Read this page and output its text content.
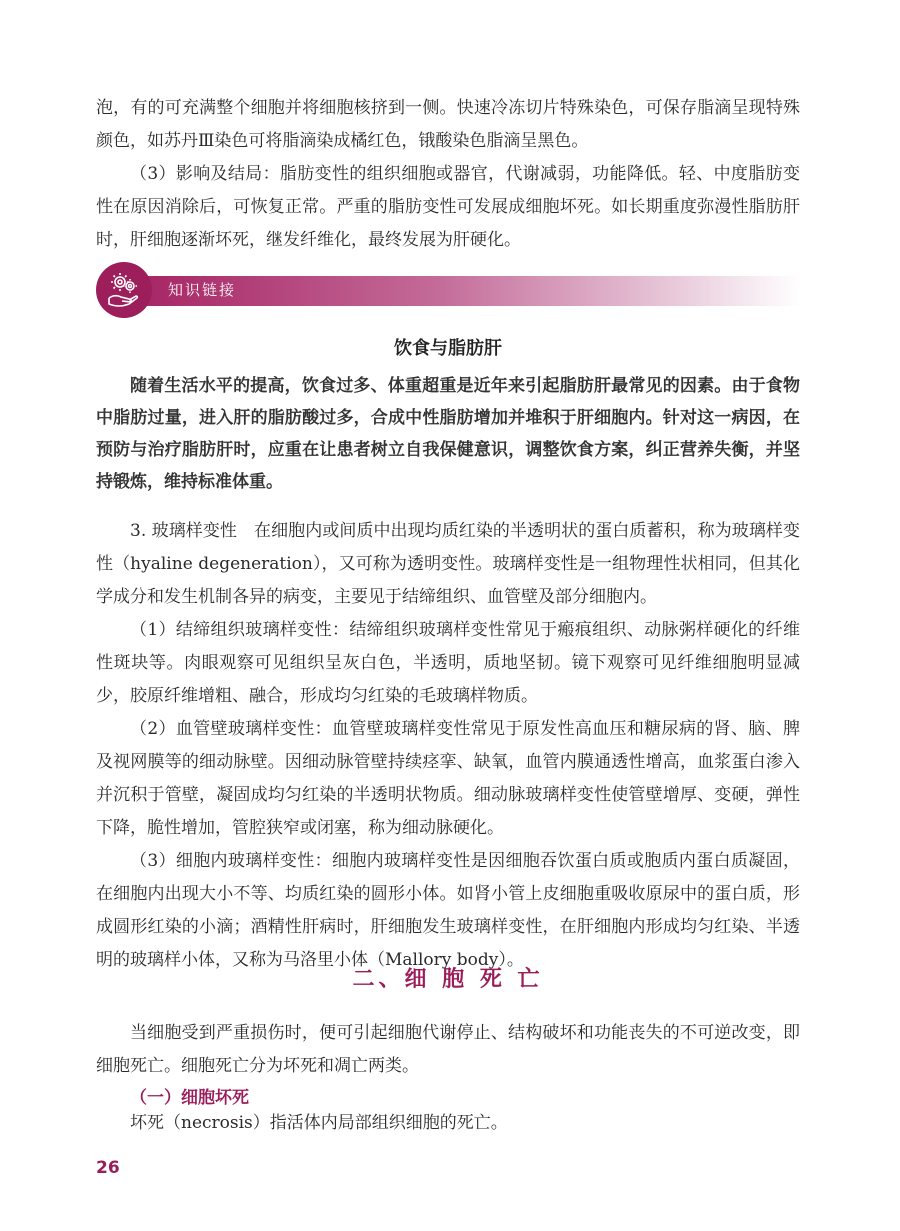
泡，有的可充满整个细胞并将细胞核挤到一侧。快速冷冻切片特殊染色，可保存脂滴呈现特殊颜色，如苏丹Ⅲ染色可将脂滴染成橘红色，锇酸染色脂滴呈黑色。

（3）影响及结局：脂肪变性的组织细胞或器官，代谢减弱，功能降低。轻、中度脂肪变性在原因消除后，可恢复正常。严重的脂肪变性可发展成细胞坏死。如长期重度弥漫性脂肪肝时，肝细胞逐渐坏死，继发纤维化，最终发展为肝硬化。

知识链接
饮食与脂肪肝

随着生活水平的提高，饮食过多、体重超重是近年来引起脂肪肝最常见的因素。由于食物中脂肪过量，进入肝的脂肪酸过多，合成中性脂肪增加并堆积于肝细胞内。针对这一病因，在预防与治疗脂肪肝时，应重在让患者树立自我保健意识，调整饮食方案，纠正营养失衡，并坚持锻炼，维持标准体重。

3. 玻璃样变性　在细胞内或间质中出现均质红染的半透明状的蛋白质蓄积，称为玻璃样变性（hyaline degeneration），又可称为透明变性。玻璃样变性是一组物理性状相同，但其化学成分和发生机制各异的病变，主要见于结缔组织、血管壁及部分细胞内。

（1）结缔组织玻璃样变性：结缔组织玻璃样变性常见于瘢痕组织、动脉粥样硬化的纤维性斑块等。肉眼观察可见组织呈灰白色，半透明，质地坚韧。镜下观察可见纤维细胞明显减少，胶原纤维增粗、融合，形成均匀红染的毛玻璃样物质。

（2）血管壁玻璃样变性：血管壁玻璃样变性常见于原发性高血压和糖尿病的肾、脑、脾及视网膜等的细动脉壁。因细动脉管壁持续痉挛、缺氧，血管内膜通透性增高，血浆蛋白渗入并沉积于管壁，凝固成均匀红染的半透明状物质。细动脉玻璃样变性使管壁增厚、变硬，弹性下降，脆性增加，管腔狭窄或闭塞，称为细动脉硬化。

（3）细胞内玻璃样变性：细胞内玻璃样变性是因细胞吞饮蛋白质或胞质内蛋白质凝固，在细胞内出现大小不等、均质红染的圆形小体。如肾小管上皮细胞重吸收原尿中的蛋白质，形成圆形红染的小滴；酒精性肝病时，肝细胞发生玻璃样变性，在肝细胞内形成均匀红染、半透明的玻璃样小体，又称为马洛里小体（Mallory body）。

二、细 胞 死 亡

当细胞受到严重损伤时，便可引起细胞代谢停止、结构破坏和功能丧失的不可逆改变，即细胞死亡。细胞死亡分为坏死和凋亡两类。

（一）细胞坏死

坏死（necrosis）指活体内局部组织细胞的死亡。

26
